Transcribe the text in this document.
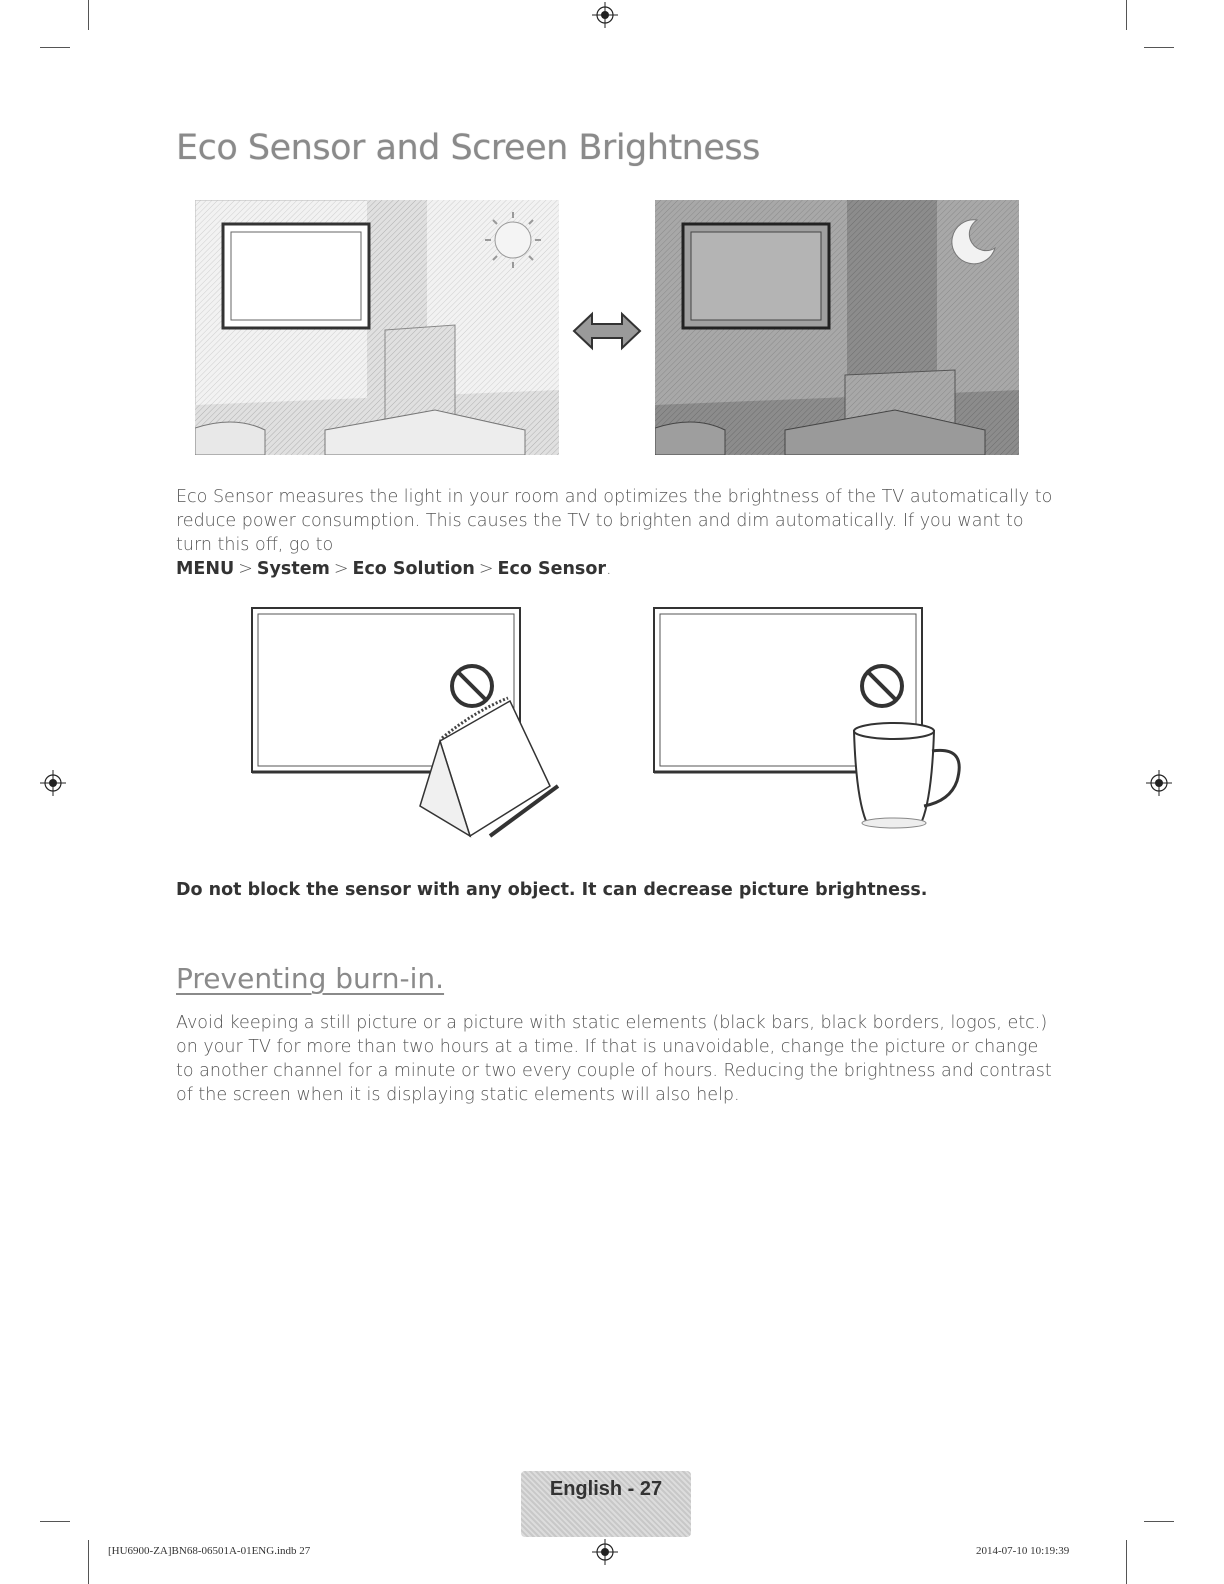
Eco Sensor and Screen Brightness
Eco Sensor measures the light in your room and optimizes the brightness of the TV automatically to reduce power consumption. This causes the TV to brighten and dim automatically. If you want to turn this off, go to
MENU > System > Eco Solution > Eco Sensor.
Do not block the sensor with any object. It can decrease picture brightness.
Preventing burn-in.
Avoid keeping a still picture or a picture with static elements (black bars, black borders, logos, etc.) on your TV for more than two hours at a time. If that is unavoidable, change the picture or change to another channel for a minute or two every couple of hours. Reducing the brightness and contrast of the screen when it is displaying static elements will also help.
English - 27
[HU6900-ZA]BN68-06501A-01ENG.indb 27	2014-07-10 10:19:39
